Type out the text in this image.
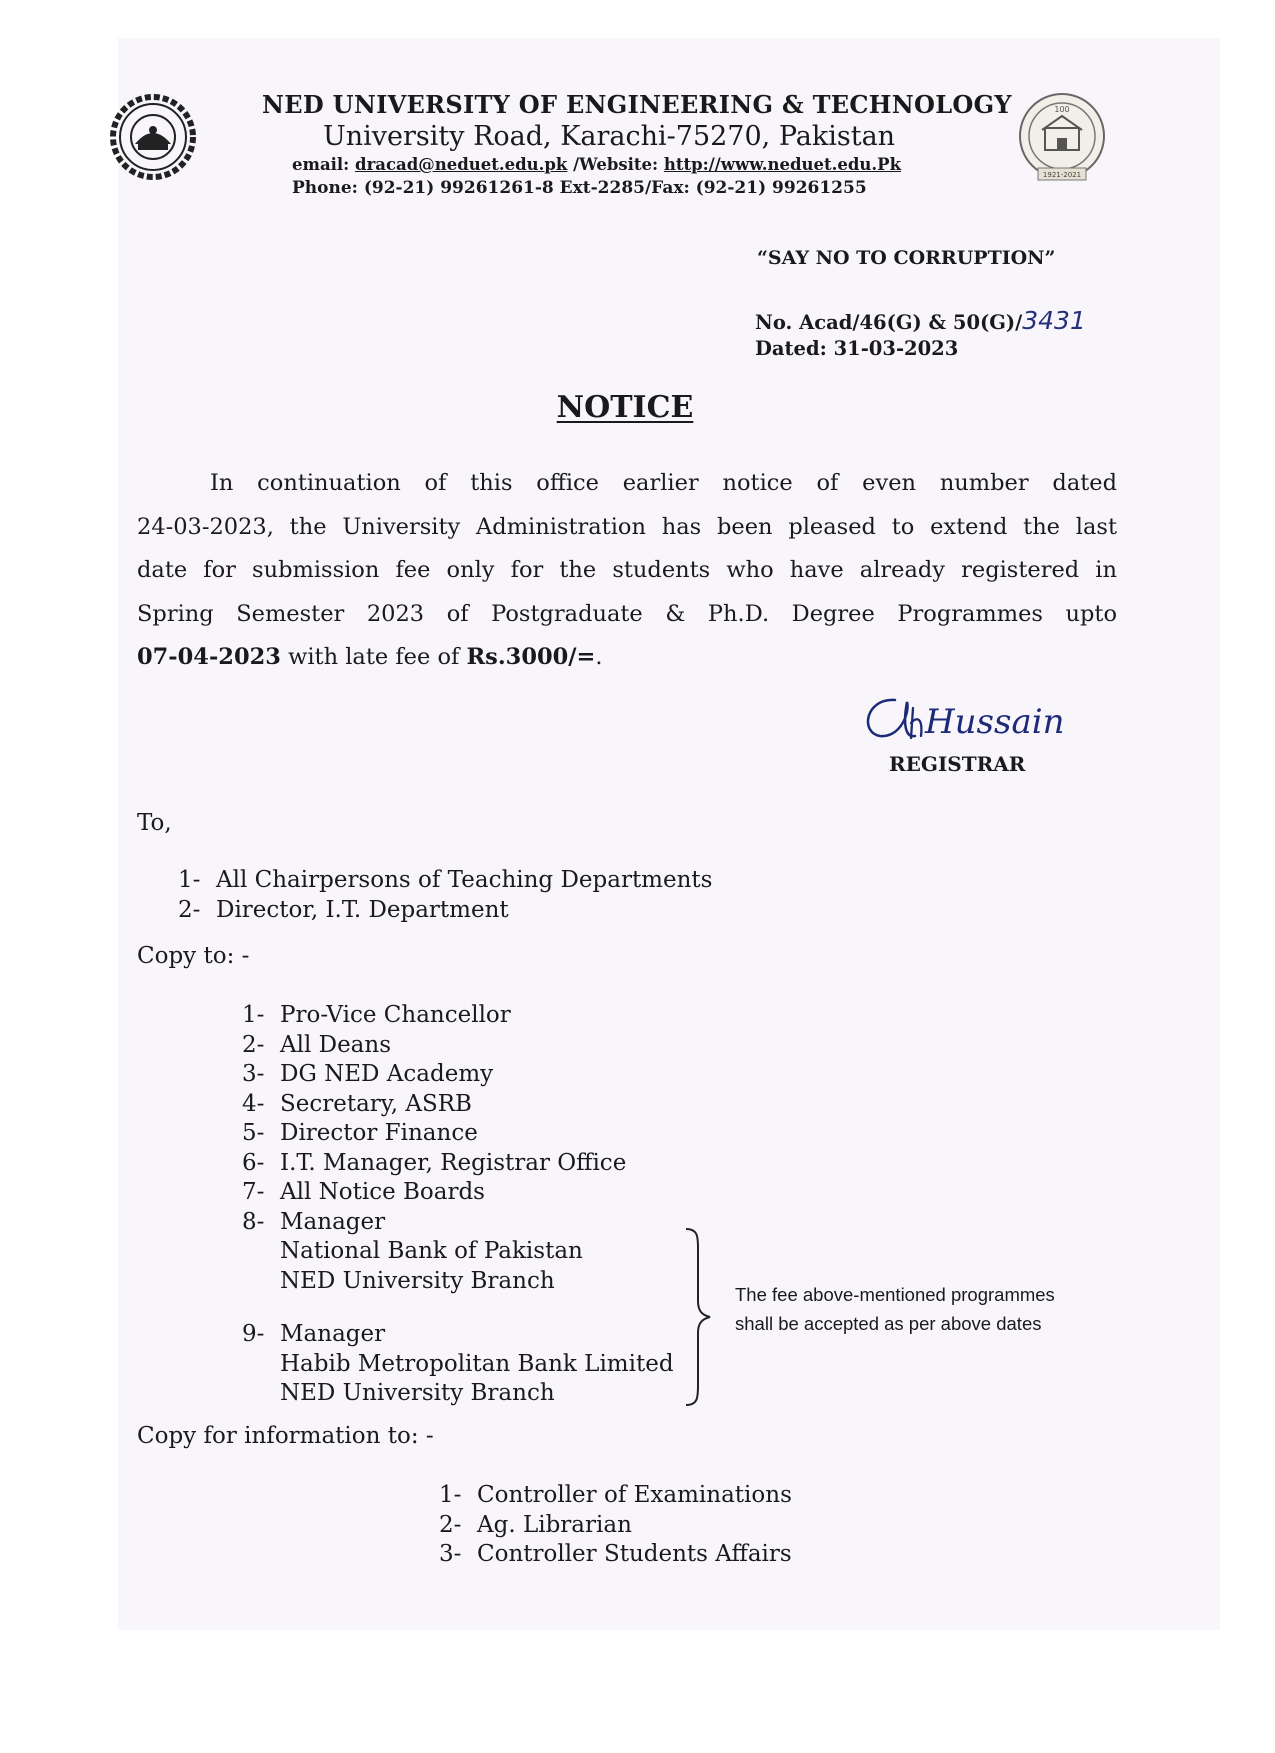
100
1921-2021
NED UNIVERSITY OF ENGINEERING & TECHNOLOGY
University Road, Karachi-75270, Pakistan
email: dracad@neduet.edu.pk /Website: http://www.neduet.edu.Pk
Phone: (92-21) 99261261-8 Ext-2285/Fax: (92-21) 99261255
“SAY NO TO CORRUPTION”
No. Acad/46(G) & 50(G)/3431
Dated: 31-03-2023
NOTICE
In continuation of this office earlier notice of even number dated
24-03-2023, the University Administration has been pleased to extend the last
date for submission fee only for the students who have already registered in
Spring Semester 2023 of Postgraduate & Ph.D. Degree Programmes upto
07-04-2023 with late fee of Rs.3000/=.
Hussain
REGISTRAR
To,
1- All Chairpersons of Teaching Departments
2- Director, I.T. Department
Copy to: -
1- Pro-Vice Chancellor
2- All Deans
3- DG NED Academy
4- Secretary, ASRB
5- Director Finance
6- I.T. Manager, Registrar Office
7- All Notice Boards
8- Manager
National Bank of Pakistan
NED University Branch
9- Manager
Habib Metropolitan Bank Limited
NED University Branch
The fee above-mentioned programmes
shall be accepted as per above dates
Copy for information to: -
1- Controller of Examinations
2- Ag. Librarian
3- Controller Students Affairs
